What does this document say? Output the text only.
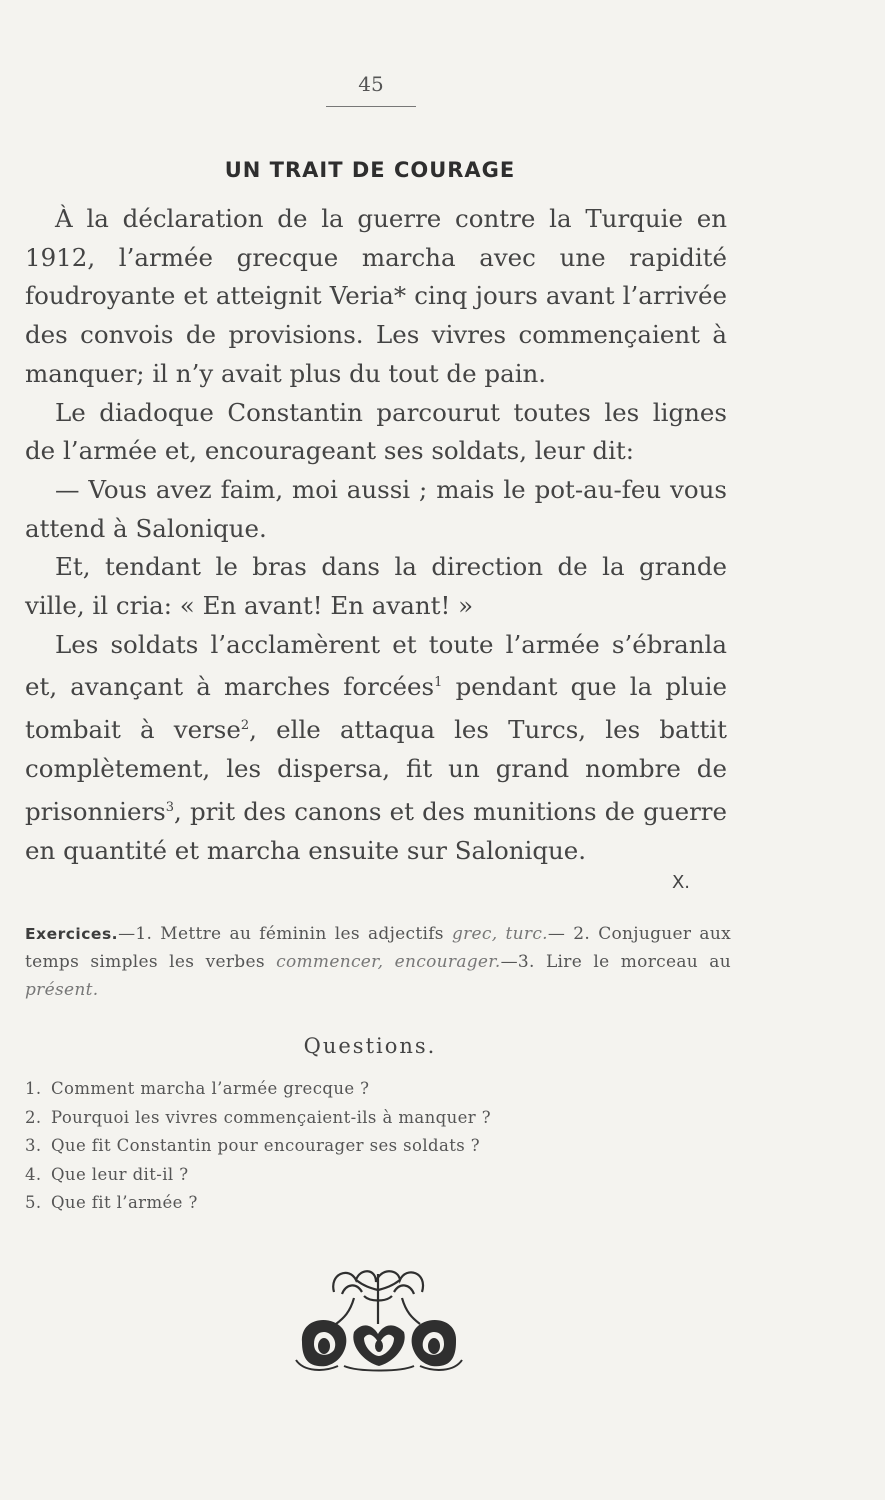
45
UN TRAIT DE COURAGE

À la déclaration de la guerre contre la Turquie en 1912, l’armée grecque marcha avec une rapidité foudroyante et atteignit Veria* cinq jours avant l’arrivée des convois de provisions. Les vivres commençaient à manquer; il n’y avait plus du tout de pain.

Le diadoque Constantin parcourut toutes les lignes de l’armée et, encourageant ses soldats, leur dit:

— Vous avez faim, moi aussi ; mais le pot-au-feu vous attend à Salonique.

Et, tendant le bras dans la direction de la grande ville, il cria: « En avant! En avant! »

Les soldats l’acclamèrent et toute l’armée s’ébranla et, avançant à marches forcées$^1$ pendant que la pluie tombait à verse$^2$, elle attaqua les Turcs, les battit complètement, les dispersa, fit un grand nombre de prisonniers$^3$, prit des canons et des munitions de guerre en quantité et marcha ensuite sur Salonique.

X.
Exercices.—1. Mettre au féminin les adjectifs grec, turc.— 2. Conjuguer aux temps simples les verbes commencer, encourager.—3. Lire le morceau au présent.
Questions.
1. Comment marcha l’armée grecque ?
2. Pourquoi les vivres commençaient-ils à manquer ?
3. Que fit Constantin pour encourager ses soldats ?
4. Que leur dit-il ?
5. Que fit l’armée ?
